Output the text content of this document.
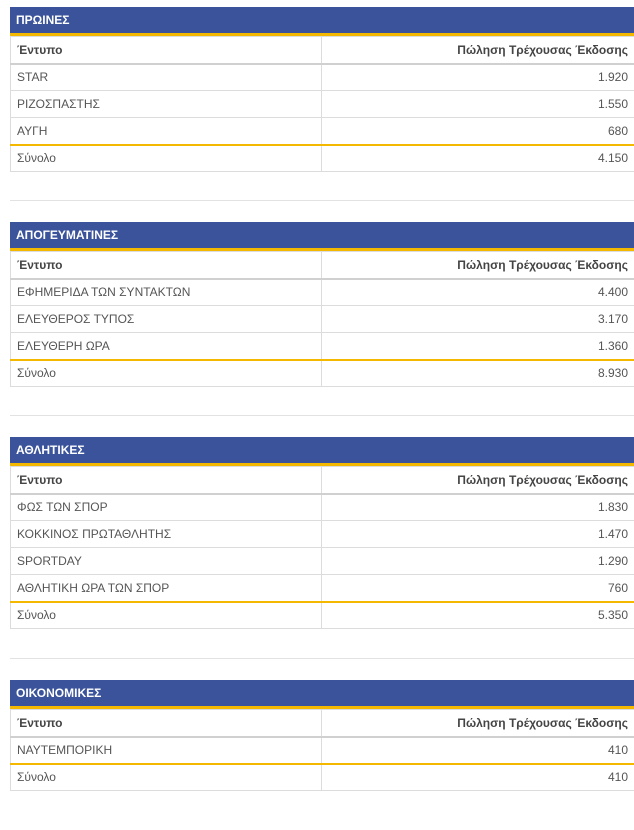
ΠΡΩΙΝΕΣ
Έντυπο	Πώληση Τρέχουσας Έκδοσης
STAR	1.920
ΡΙΖΟΣΠΑΣΤΗΣ	1.550
ΑΥΓΗ	680
Σύνολο	4.150
ΑΠΟΓΕΥΜΑΤΙΝΕΣ
Έντυπο	Πώληση Τρέχουσας Έκδοσης
ΕΦΗΜΕΡΙΔΑ ΤΩΝ ΣΥΝΤΑΚΤΩΝ	4.400
ΕΛΕΥΘΕΡΟΣ ΤΥΠΟΣ	3.170
ΕΛΕΥΘΕΡΗ ΩΡΑ	1.360
Σύνολο	8.930
ΑΘΛΗΤΙΚΕΣ
Έντυπο	Πώληση Τρέχουσας Έκδοσης
ΦΩΣ ΤΩΝ ΣΠΟΡ	1.830
ΚΟΚΚΙΝΟΣ ΠΡΩΤΑΘΛΗΤΗΣ	1.470
SPORTDAY	1.290
ΑΘΛΗΤΙΚΗ ΩΡΑ ΤΩΝ ΣΠΟΡ	760
Σύνολο	5.350
ΟΙΚΟΝΟΜΙΚΕΣ
Έντυπο	Πώληση Τρέχουσας Έκδοσης
ΝΑΥΤΕΜΠΟΡΙΚΗ	410
Σύνολο	410
